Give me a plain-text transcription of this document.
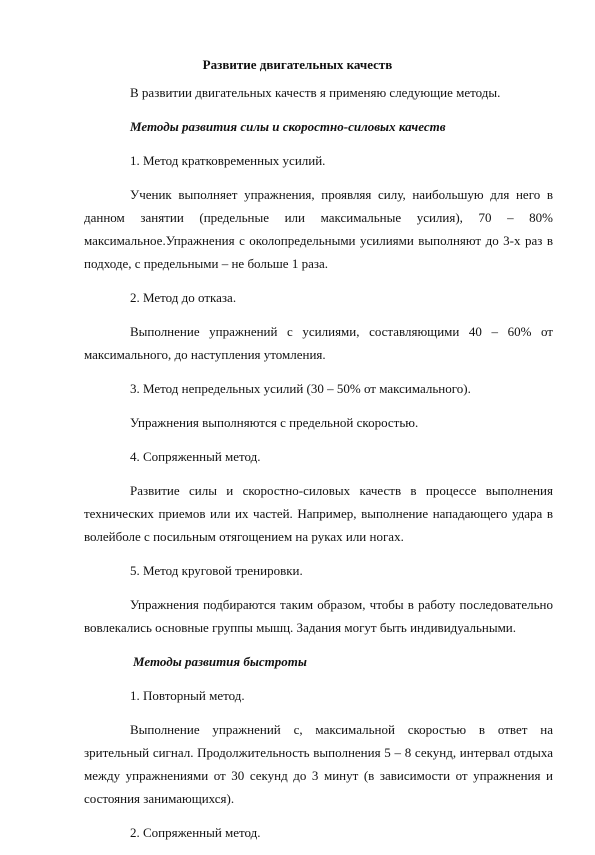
Развитие двигательных качеств

В развитии двигательных качеств я применяю следующие методы.

Методы развития силы и скоростно-силовых качеств

1. Метод кратковременных усилий.

Ученик выполняет упражнения, проявляя силу, наибольшую для него в данном занятии (предельные или максимальные усилия), 70 – 80% максимальное.Упражнения с околопредельными усилиями выполняют до 3-х раз в подходе, с предельными – не больше 1 раза.

2. Метод до отказа.

Выполнение упражнений с усилиями, составляющими 40 – 60% от максимального, до наступления утомления.

3. Метод непредельных усилий (30 – 50% от максимального).

Упражнения выполняются с предельной скоростью.

4. Сопряженный метод.

Развитие силы и скоростно-силовых качеств в процессе выполнения технических приемов или их частей. Например, выполнение нападающего удара в волейболе с посильным отягощением на руках или ногах.

5. Метод круговой тренировки.

Упражнения подбираются таким образом, чтобы в работу последовательно вовлекались основные группы мышц. Задания могут быть индивидуальными.

Методы развития быстроты

1. Повторный метод.

Выполнение упражнений с, максимальной скоростью в ответ на зрительный сигнал. Продолжительность выполнения 5 – 8 секунд, интервал отдыха между упражнениями от 30 секунд до 3 минут (в зависимости от упражнения и состояния занимающихся).

2. Сопряженный метод.
